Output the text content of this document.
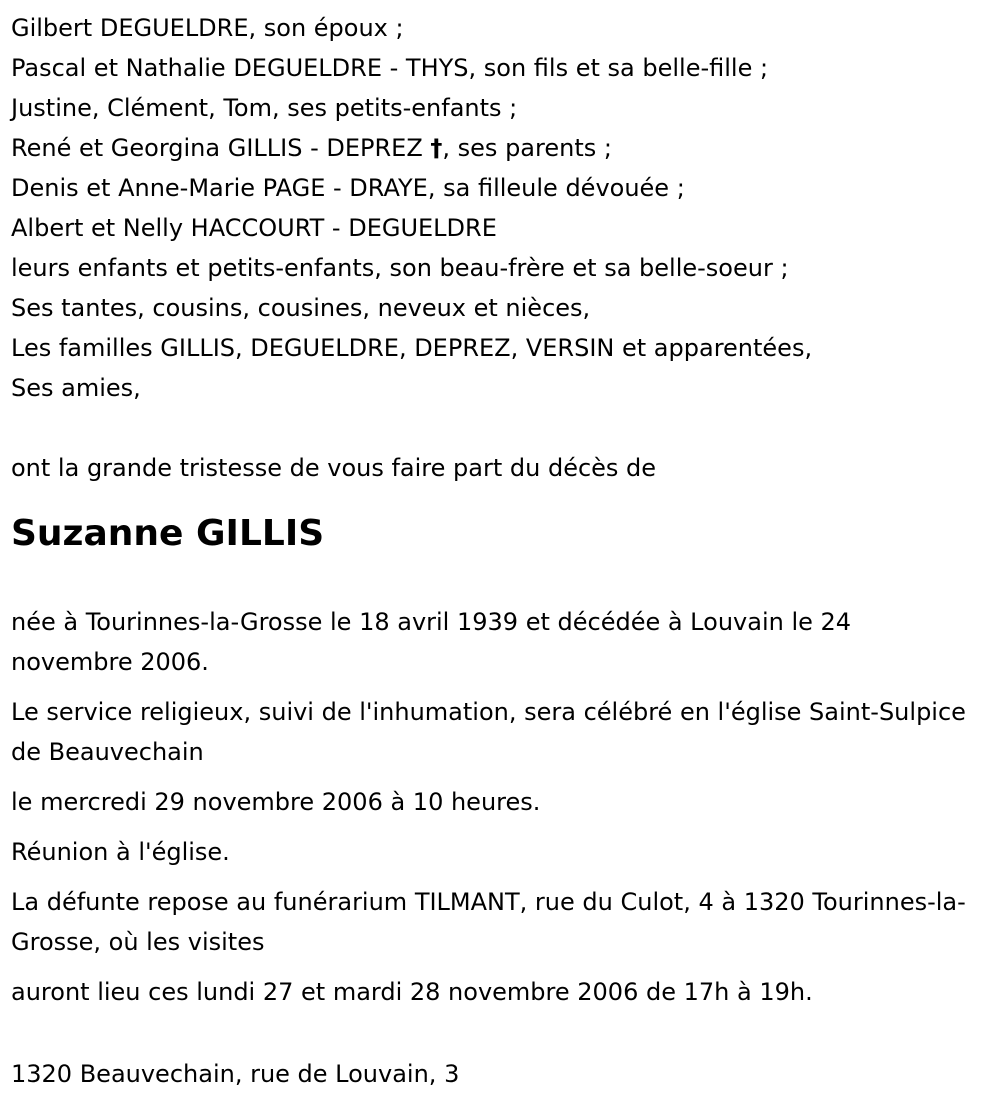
Gilbert DEGUELDRE, son époux ;
Pascal et Nathalie DEGUELDRE - THYS, son fils et sa belle-fille ;
Justine, Clément, Tom, ses petits-enfants ;
René et Georgina GILLIS - DEPREZ †, ses parents ;
Denis et Anne-Marie PAGE - DRAYE, sa filleule dévouée ;
Albert et Nelly HACCOURT - DEGUELDRE
leurs enfants et petits-enfants, son beau-frère et sa belle-soeur ;
Ses tantes, cousins, cousines, neveux et nièces,
Les familles GILLIS, DEGUELDRE, DEPREZ, VERSIN et apparentées,
Ses amies,
ont la grande tristesse de vous faire part du décès de
Suzanne GILLIS

née à Tourinnes-la-Grosse le 18 avril 1939 et décédée à Louvain le 24 novembre 2006.

Le service religieux, suivi de l'inhumation, sera célébré en l'église Saint-Sulpice de Beauvechain

le mercredi 29 novembre 2006 à 10 heures.

Réunion à l'église.

La défunte repose au funérarium TILMANT, rue du Culot, 4 à 1320 Tourinnes-la-Grosse, où les visites

auront lieu ces lundi 27 et mardi 28 novembre 2006 de 17h à 19h.

1320 Beauvechain, rue de Louvain, 3
